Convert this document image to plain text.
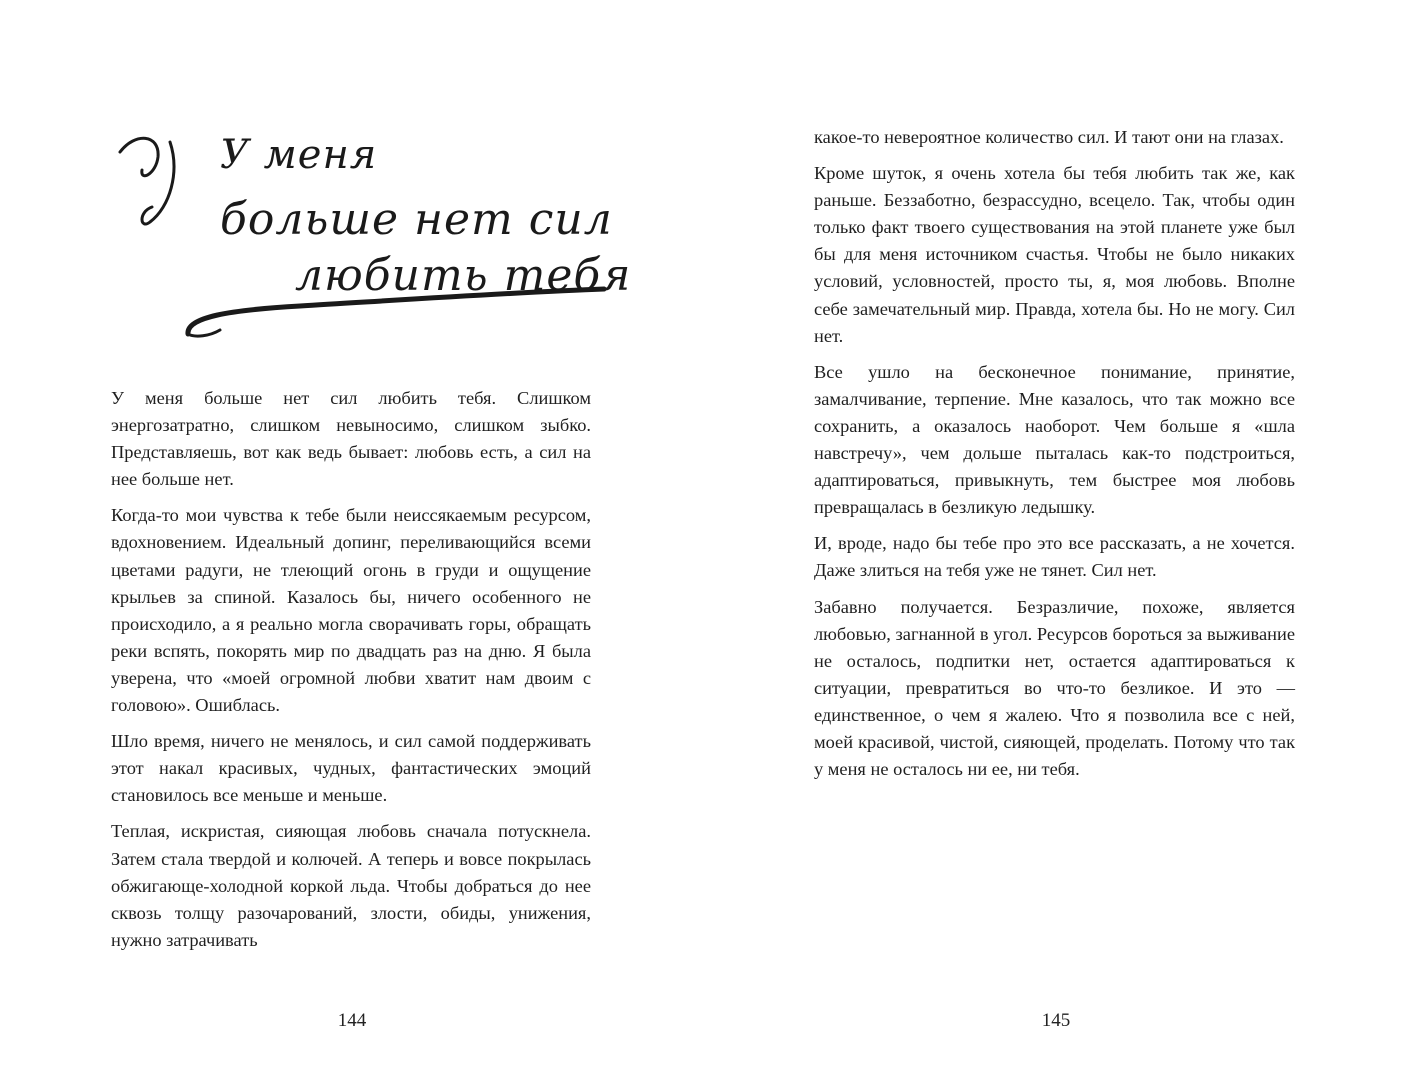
У меня
больше нет сил
любить тебя

У меня больше нет сил любить тебя. Слишком энергозатратно, слишком невыносимо, слишком зыбко. Представляешь, вот как ведь бывает: любовь есть, а сил на нее больше нет.

Когда-то мои чувства к тебе были неиссякаемым ресурсом, вдохновением. Идеальный допинг, переливающийся всеми цветами радуги, не тлеющий огонь в груди и ощущение крыльев за спиной. Казалось бы, ничего особенного не происходило, а я реально могла сворачивать горы, обращать реки вспять, покорять мир по двадцать раз на дню. Я была уверена, что «моей огромной любви хватит нам двоим с головою». Ошиблась.

Шло время, ничего не менялось, и сил самой поддерживать этот накал красивых, чудных, фантастических эмоций становилось все меньше и меньше.

Теплая, искристая, сияющая любовь сначала потускнела. Затем стала твердой и колючей. А теперь и вовсе покрылась обжигающе-холодной коркой льда. Чтобы добраться до нее сквозь толщу разочарований, злости, обиды, унижения, нужно затрачивать

144

какое-то невероятное количество сил. И тают они на глазах.

Кроме шуток, я очень хотела бы тебя любить так же, как раньше. Беззаботно, безрассудно, всецело. Так, чтобы один только факт твоего существования на этой планете уже был бы для меня источником счастья. Чтобы не было никаких условий, условностей, просто ты, я, моя любовь. Вполне себе замечательный мир. Правда, хотела бы. Но не могу. Сил нет.

Все ушло на бесконечное понимание, принятие, замалчивание, терпение. Мне казалось, что так можно все сохранить, а оказалось наоборот. Чем больше я «шла навстречу», чем дольше пыталась как-то подстроиться, адаптироваться, привыкнуть, тем быстрее моя любовь превращалась в безликую ледышку.

И, вроде, надо бы тебе про это все рассказать, а не хочется. Даже злиться на тебя уже не тянет. Сил нет.

Забавно получается. Безразличие, похоже, является любовью, загнанной в угол. Ресурсов бороться за выживание не осталось, подпитки нет, остается адаптироваться к ситуации, превратиться во что-то безликое. И это — единственное, о чем я жалею. Что я позволила все с ней, моей красивой, чистой, сияющей, проделать. Потому что так у меня не осталось ни ее, ни тебя.

145
